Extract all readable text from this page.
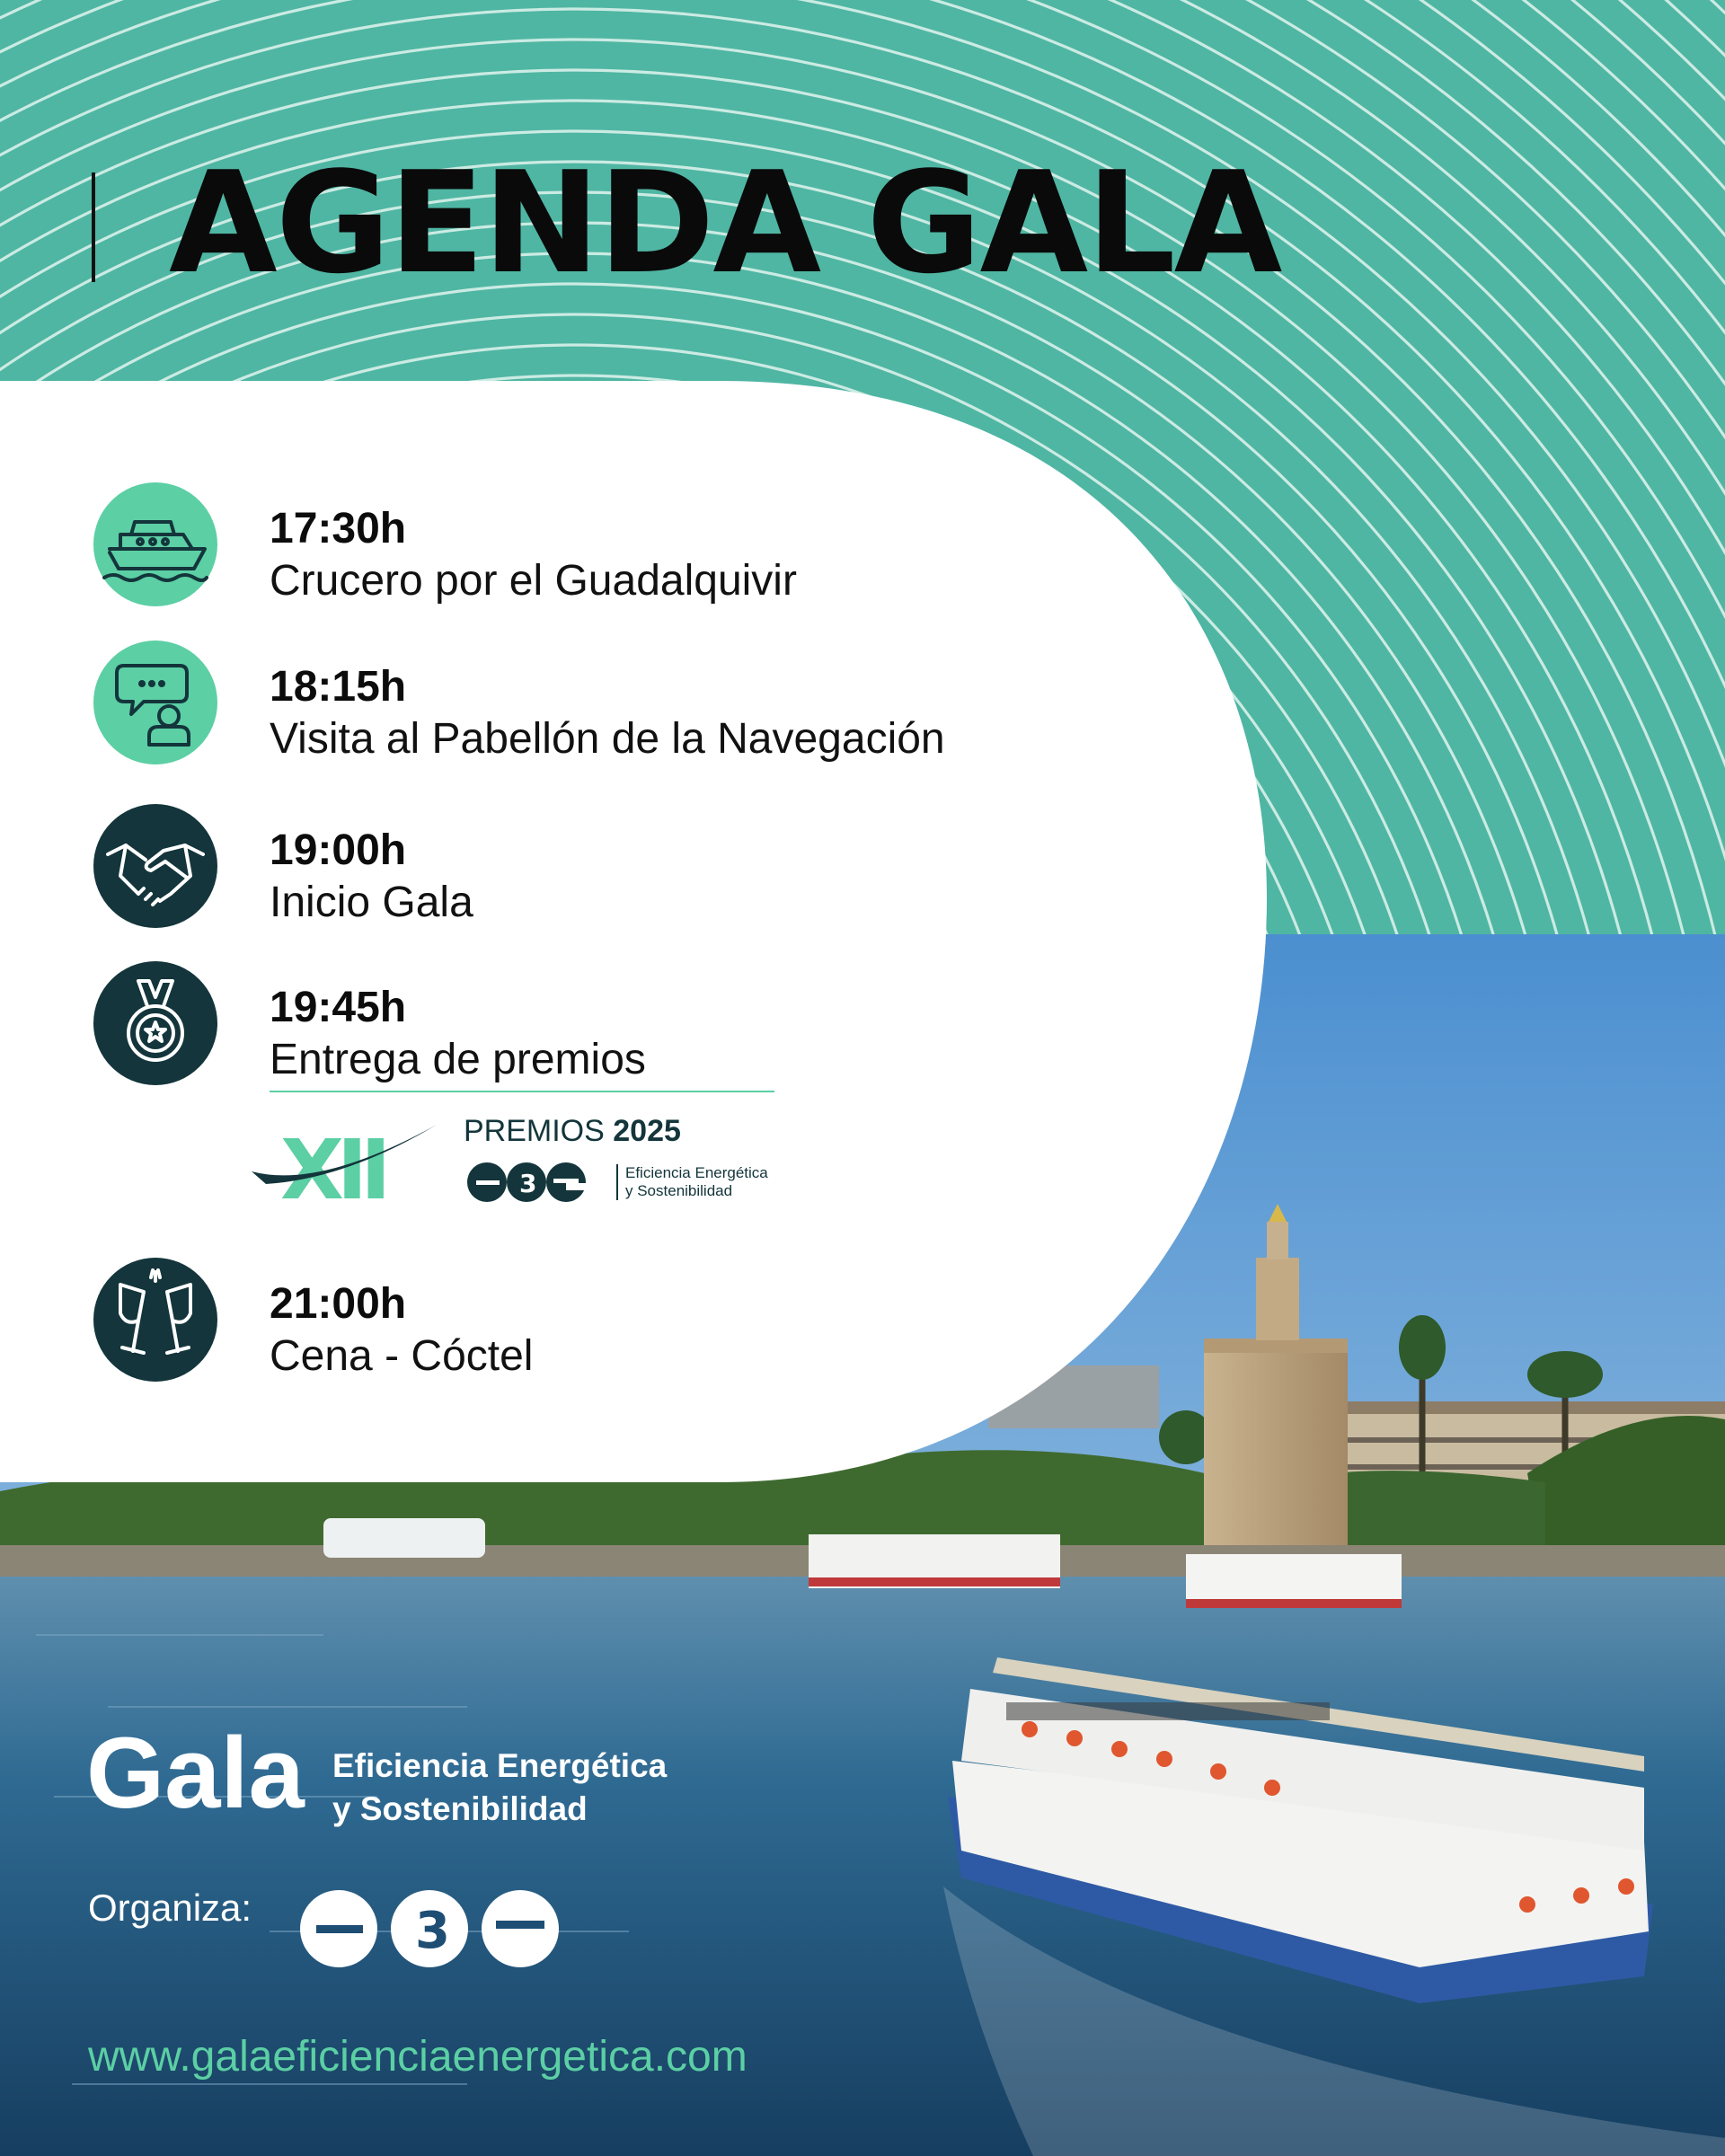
AGENDA GALA
17:30h
Crucero por el Guadalquivir
18:15h
Visita al Pabellón de la Navegación
19:00h
Inicio Gala
19:45h
Entrega de premios
XII	PREMIOS 2025
3	Eficiencia Energética
y Sostenibilidad
21:00h
Cena - Cóctel
Gala Eficiencia Energética
y Sostenibilidad
Organiza:	3
www.galaeficienciaenergetica.com
